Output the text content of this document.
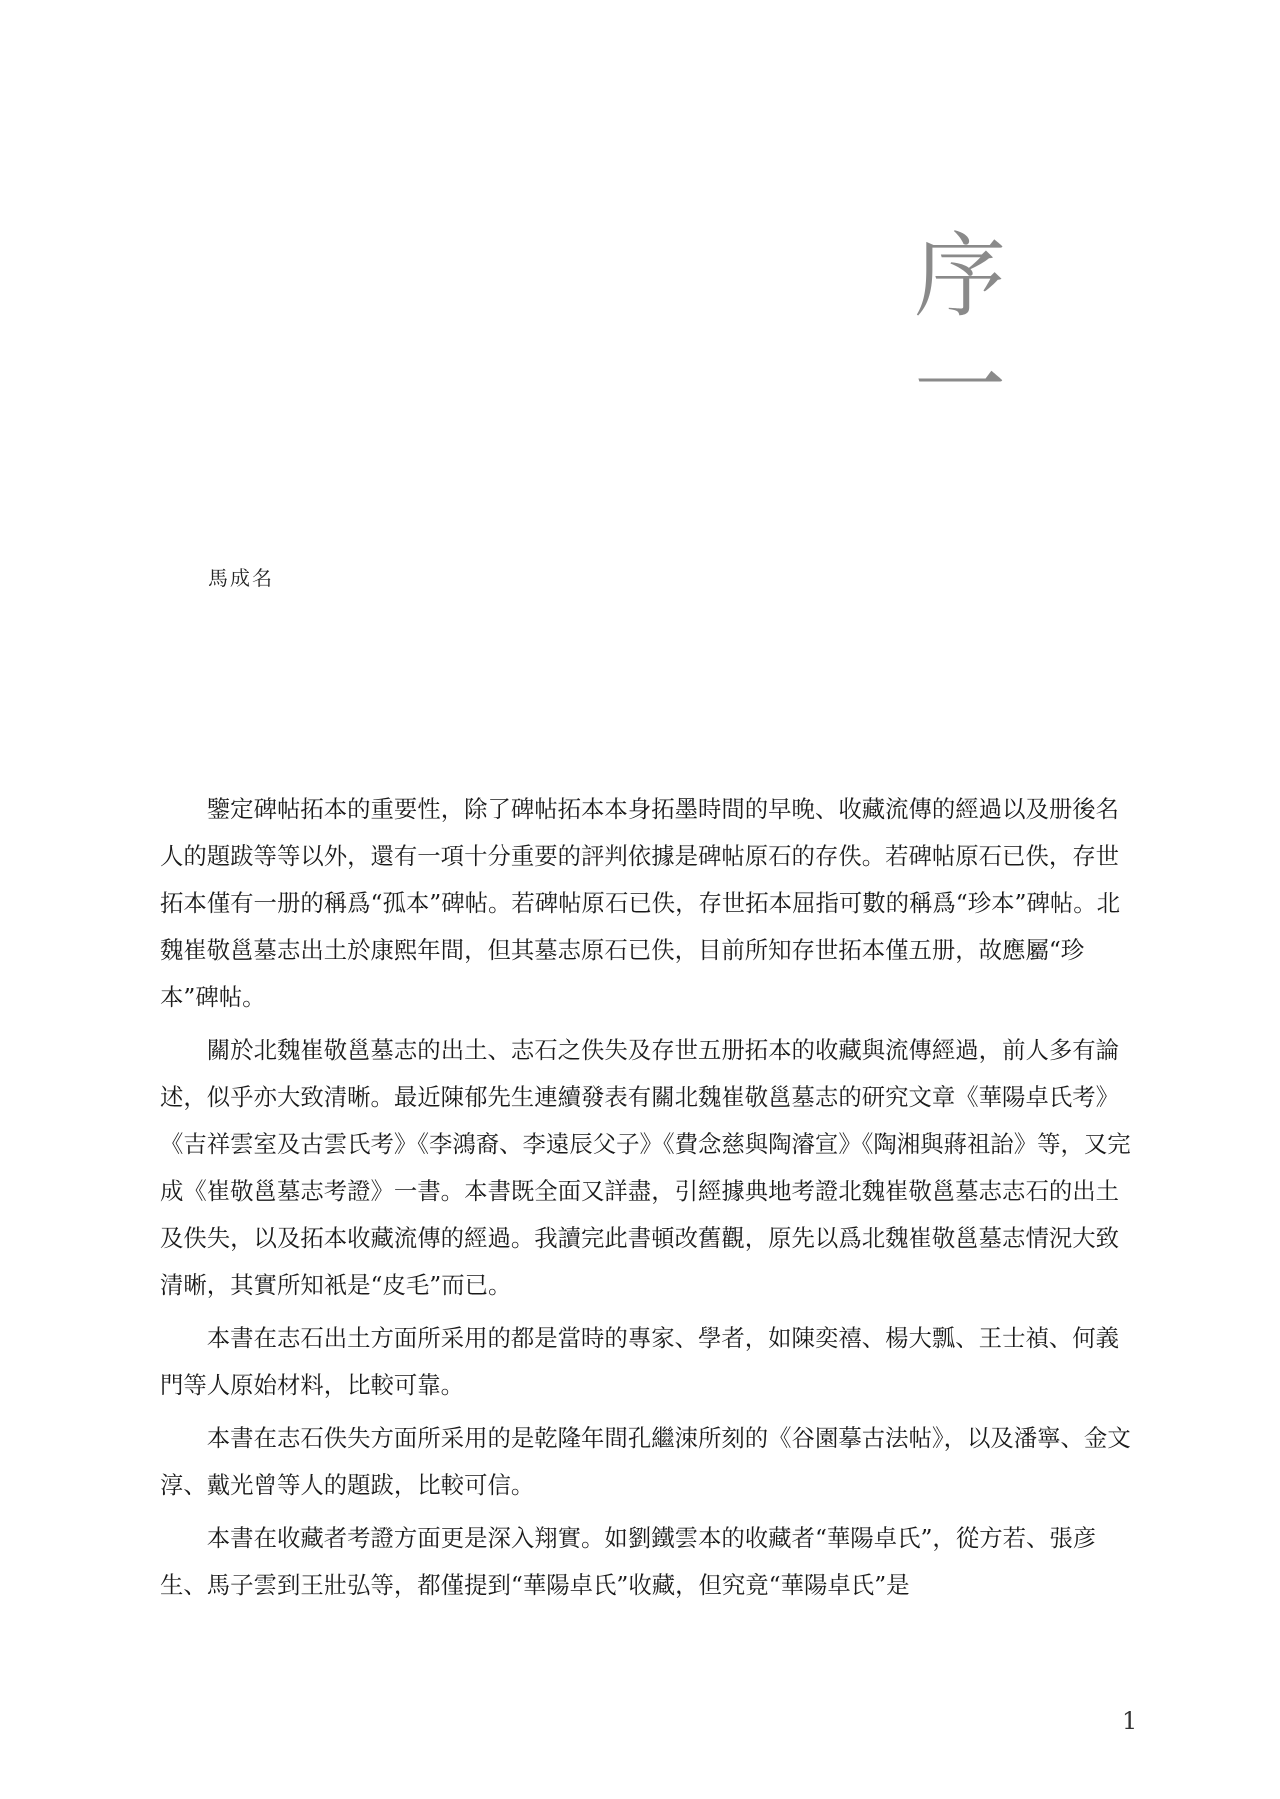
序
一
馬成名

鑒定碑帖拓本的重要性，除了碑帖拓本本身拓墨時間的早晚、收藏流傳的經過以及册後名人的題跋等等以外，還有一項十分重要的評判依據是碑帖原石的存佚。若碑帖原石已佚，存世拓本僅有一册的稱爲“孤本”碑帖。若碑帖原石已佚，存世拓本屈指可數的稱爲“珍本”碑帖。北魏崔敬邕墓志出土於康熙年間，但其墓志原石已佚，目前所知存世拓本僅五册，故應屬“珍本”碑帖。

關於北魏崔敬邕墓志的出土、志石之佚失及存世五册拓本的收藏與流傳經過，前人多有論述，似乎亦大致清晰。最近陳郁先生連續發表有關北魏崔敬邕墓志的研究文章《華陽卓氏考》《吉祥雲室及古雲氏考》《李鴻裔、李遠辰父子》《費念慈與陶濬宣》《陶湘與蔣祖詒》等，又完成《崔敬邕墓志考證》一書。本書既全面又詳盡，引經據典地考證北魏崔敬邕墓志志石的出土及佚失，以及拓本收藏流傳的經過。我讀完此書頓改舊觀，原先以爲北魏崔敬邕墓志情況大致清晰，其實所知衹是“皮毛”而已。

本書在志石出土方面所采用的都是當時的專家、學者，如陳奕禧、楊大瓢、王士禎、何義門等人原始材料，比較可靠。

本書在志石佚失方面所采用的是乾隆年間孔繼涑所刻的《谷園摹古法帖》，以及潘寧、金文淳、戴光曾等人的題跋，比較可信。

本書在收藏者考證方面更是深入翔實。如劉鐵雲本的收藏者“華陽卓氏”，從方若、張彦生、馬子雲到王壯弘等，都僅提到“華陽卓氏”收藏，但究竟“華陽卓氏”是

1
